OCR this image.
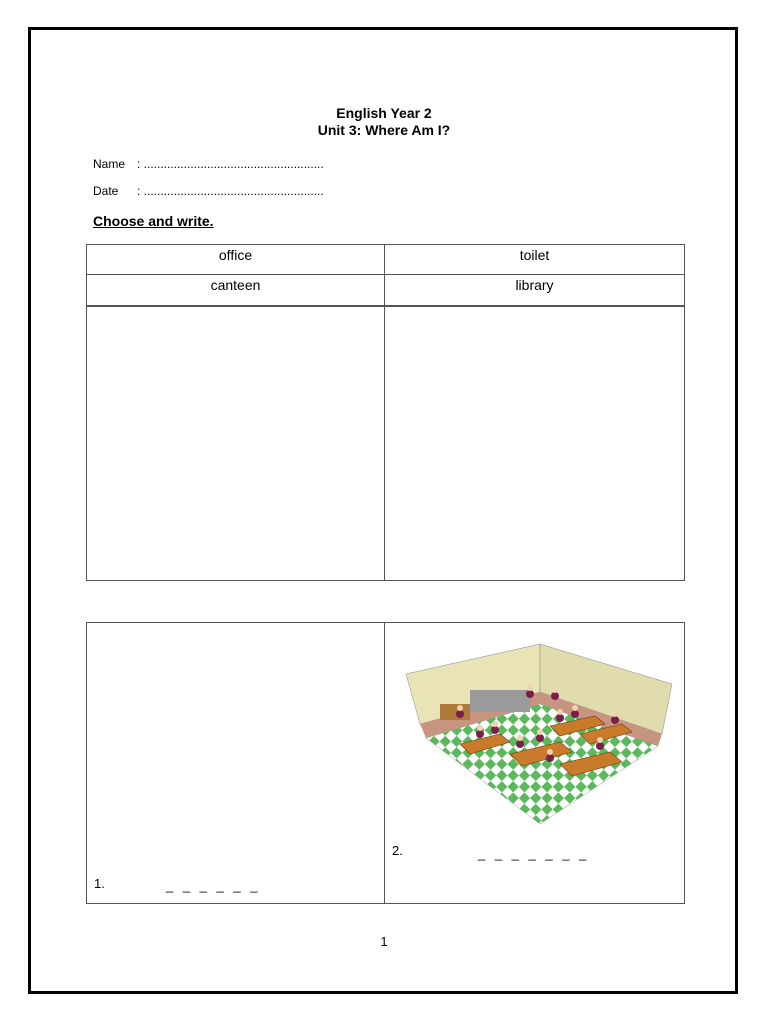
English Year 2
Unit 3: Where Am I?
Name : ......................................................
Date : ......................................................
Choose and write.
office	toilet
canteen	library
1.	_ _ _ _ _ _
2.	_ _ _ _ _ _ _
1
